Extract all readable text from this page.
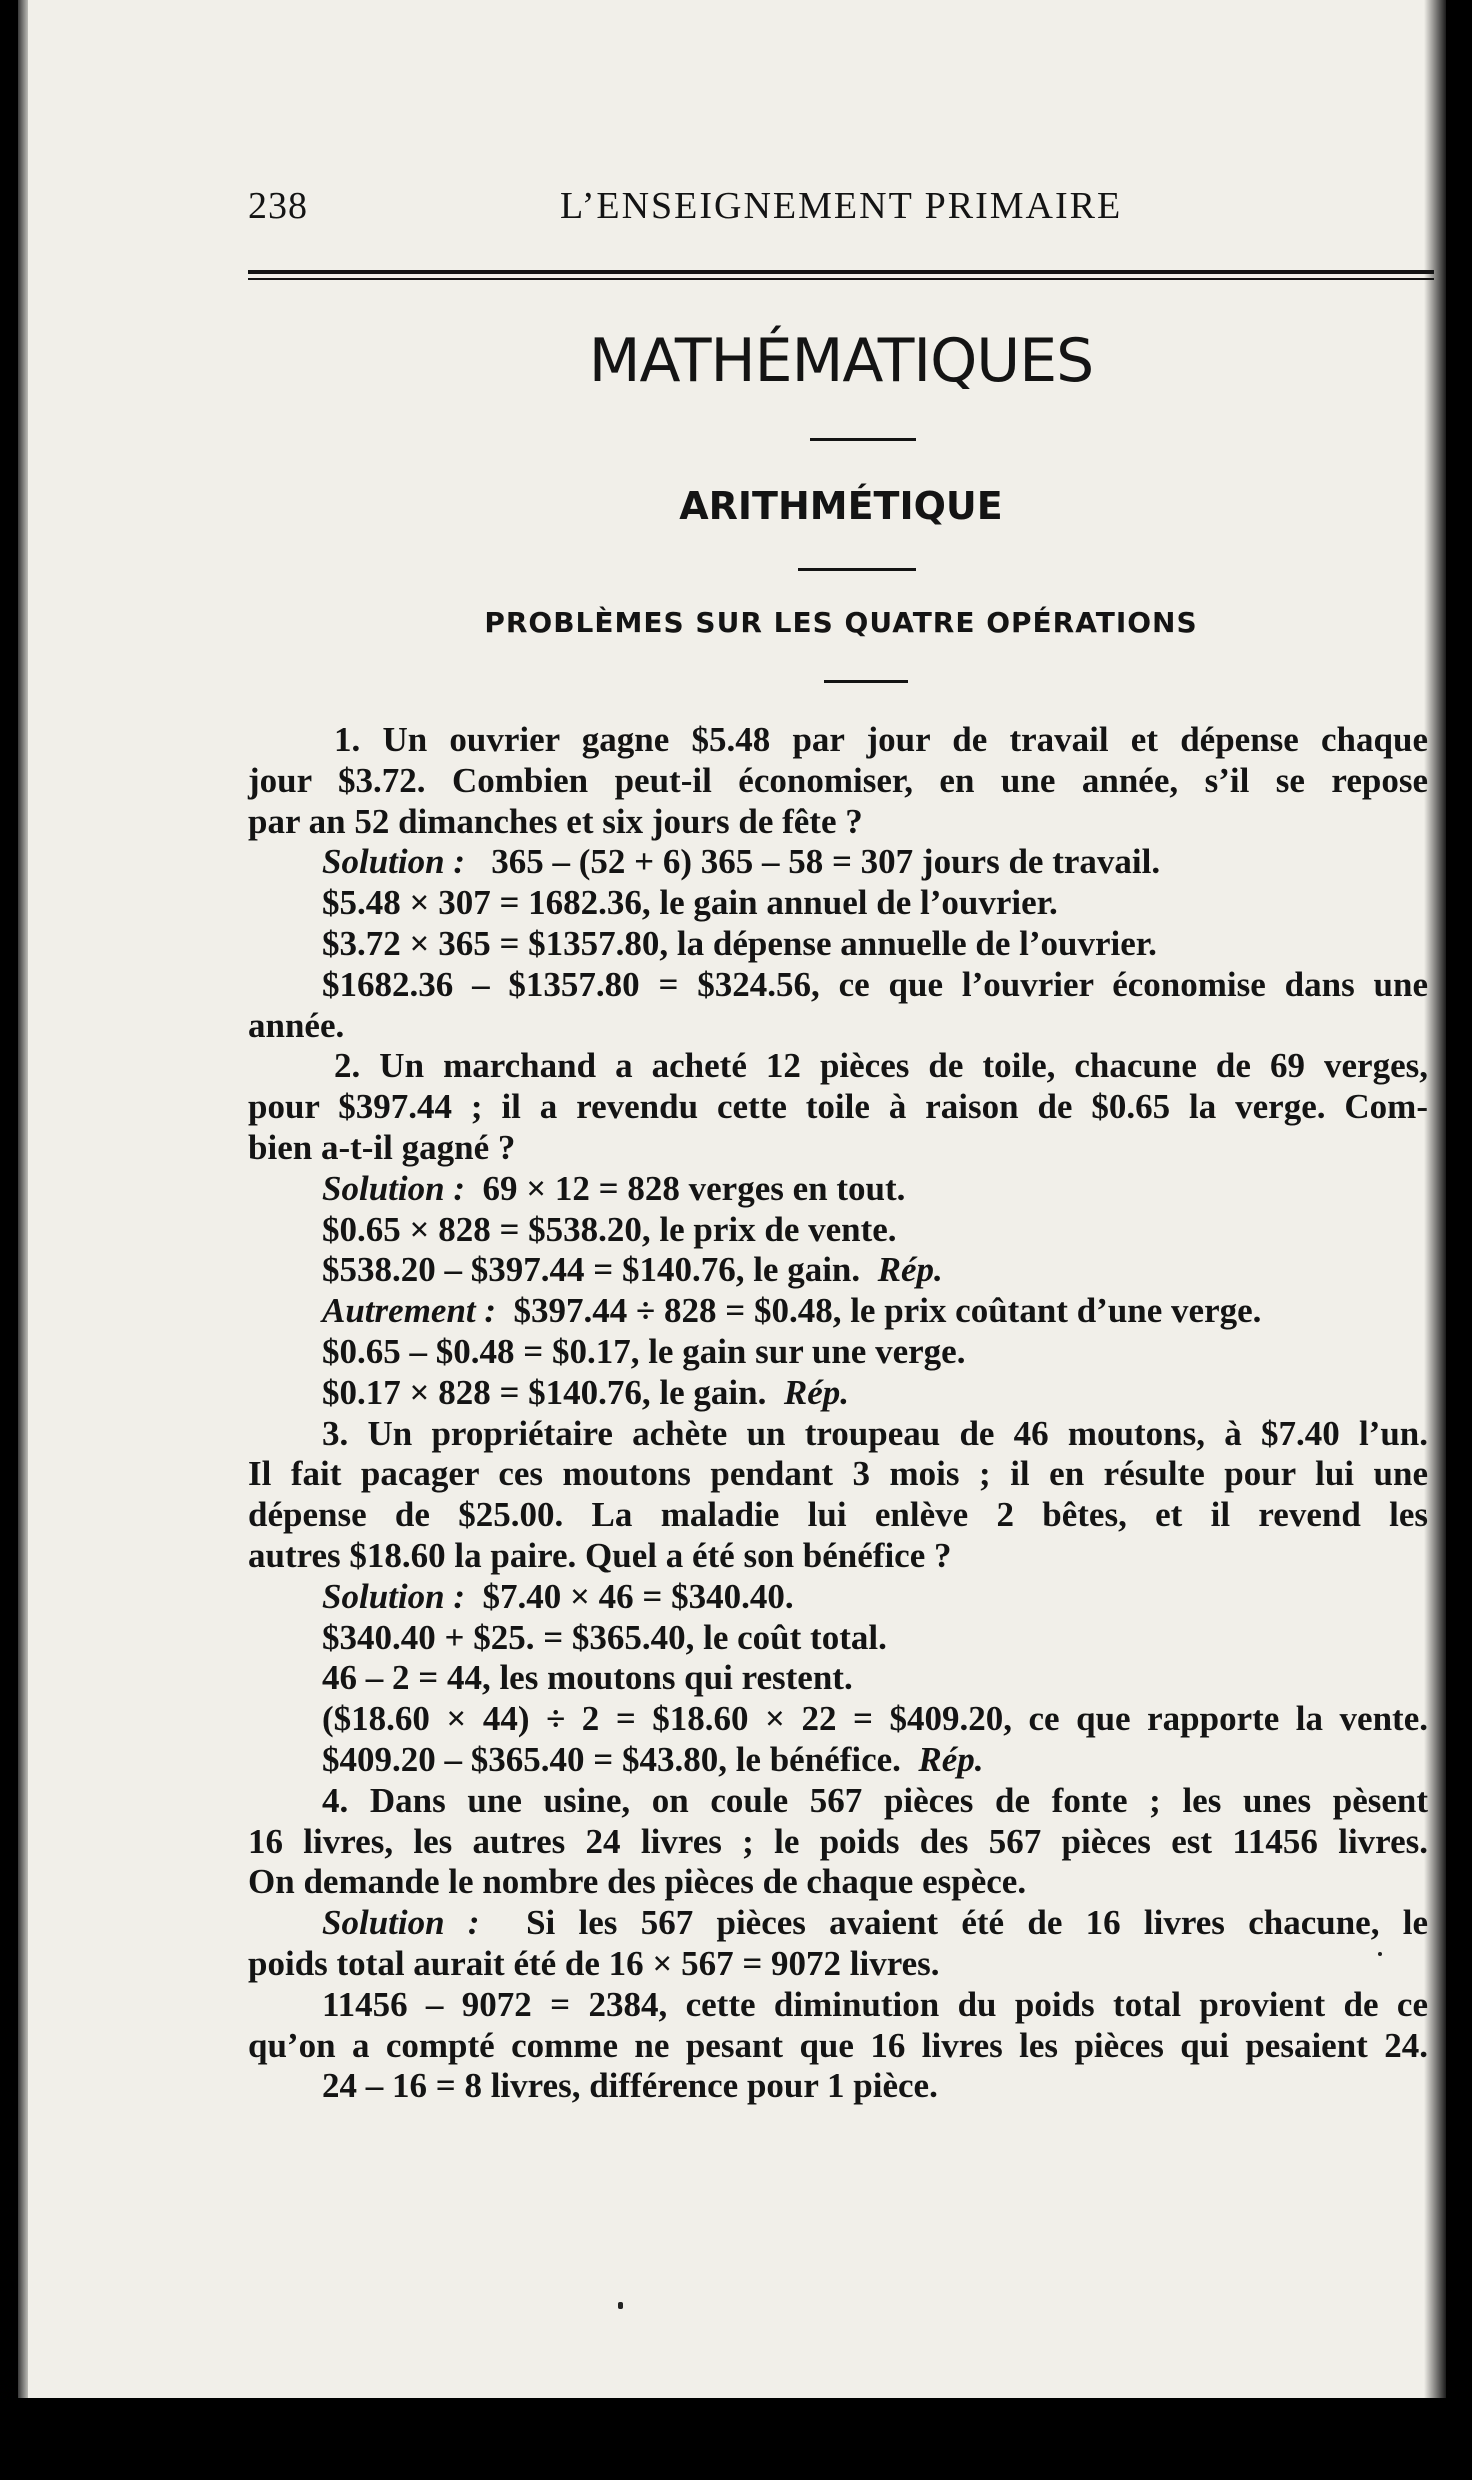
238	L’ENSEIGNEMENT PRIMAIRE
MATHÉMATIQUES
ARITHMÉTIQUE
PROBLÈMES SUR LES QUATRE OPÉRATIONS
1. Un ouvrier gagne $5.48 par jour de travail et dépense chaque
jour $3.72. Combien peut-il économiser, en une année, s’il se repose
par an 52 dimanches et six jours de fête ?
Solution : 365 – (52 + 6) 365 – 58 = 307 jours de travail.
$5.48 × 307 = 1682.36, le gain annuel de l’ouvrier.
$3.72 × 365 = $1357.80, la dépense annuelle de l’ouvrier.
$1682.36 – $1357.80 = $324.56, ce que l’ouvrier économise dans une
année.
2. Un marchand a acheté 12 pièces de toile, chacune de 69 verges,
pour $397.44 ; il a revendu cette toile à raison de $0.65 la verge. Com-
bien a-t-il gagné ?
Solution : 69 × 12 = 828 verges en tout.
$0.65 × 828 = $538.20, le prix de vente.
$538.20 – $397.44 = $140.76, le gain. Rép.
Autrement : $397.44 ÷ 828 = $0.48, le prix coûtant d’une verge.
$0.65 – $0.48 = $0.17, le gain sur une verge.
$0.17 × 828 = $140.76, le gain. Rép.
3. Un propriétaire achète un troupeau de 46 moutons, à $7.40 l’un.
Il fait pacager ces moutons pendant 3 mois ; il en résulte pour lui une
dépense de $25.00. La maladie lui enlève 2 bêtes, et il revend les
autres $18.60 la paire. Quel a été son bénéfice ?
Solution : $7.40 × 46 = $340.40.
$340.40 + $25. = $365.40, le coût total.
46 – 2 = 44, les moutons qui restent.
($18.60 × 44) ÷ 2 = $18.60 × 22 = $409.20, ce que rapporte la vente.
$409.20 – $365.40 = $43.80, le bénéfice. Rép.
4. Dans une usine, on coule 567 pièces de fonte ; les unes pèsent
16 livres, les autres 24 livres ; le poids des 567 pièces est 11456 livres.
On demande le nombre des pièces de chaque espèce.
Solution : Si les 567 pièces avaient été de 16 livres chacune, le
poids total aurait été de 16 × 567 = 9072 livres.
11456 – 9072 = 2384, cette diminution du poids total provient de ce
qu’on a compté comme ne pesant que 16 livres les pièces qui pesaient 24.
24 – 16 = 8 livres, différence pour 1 pièce.
